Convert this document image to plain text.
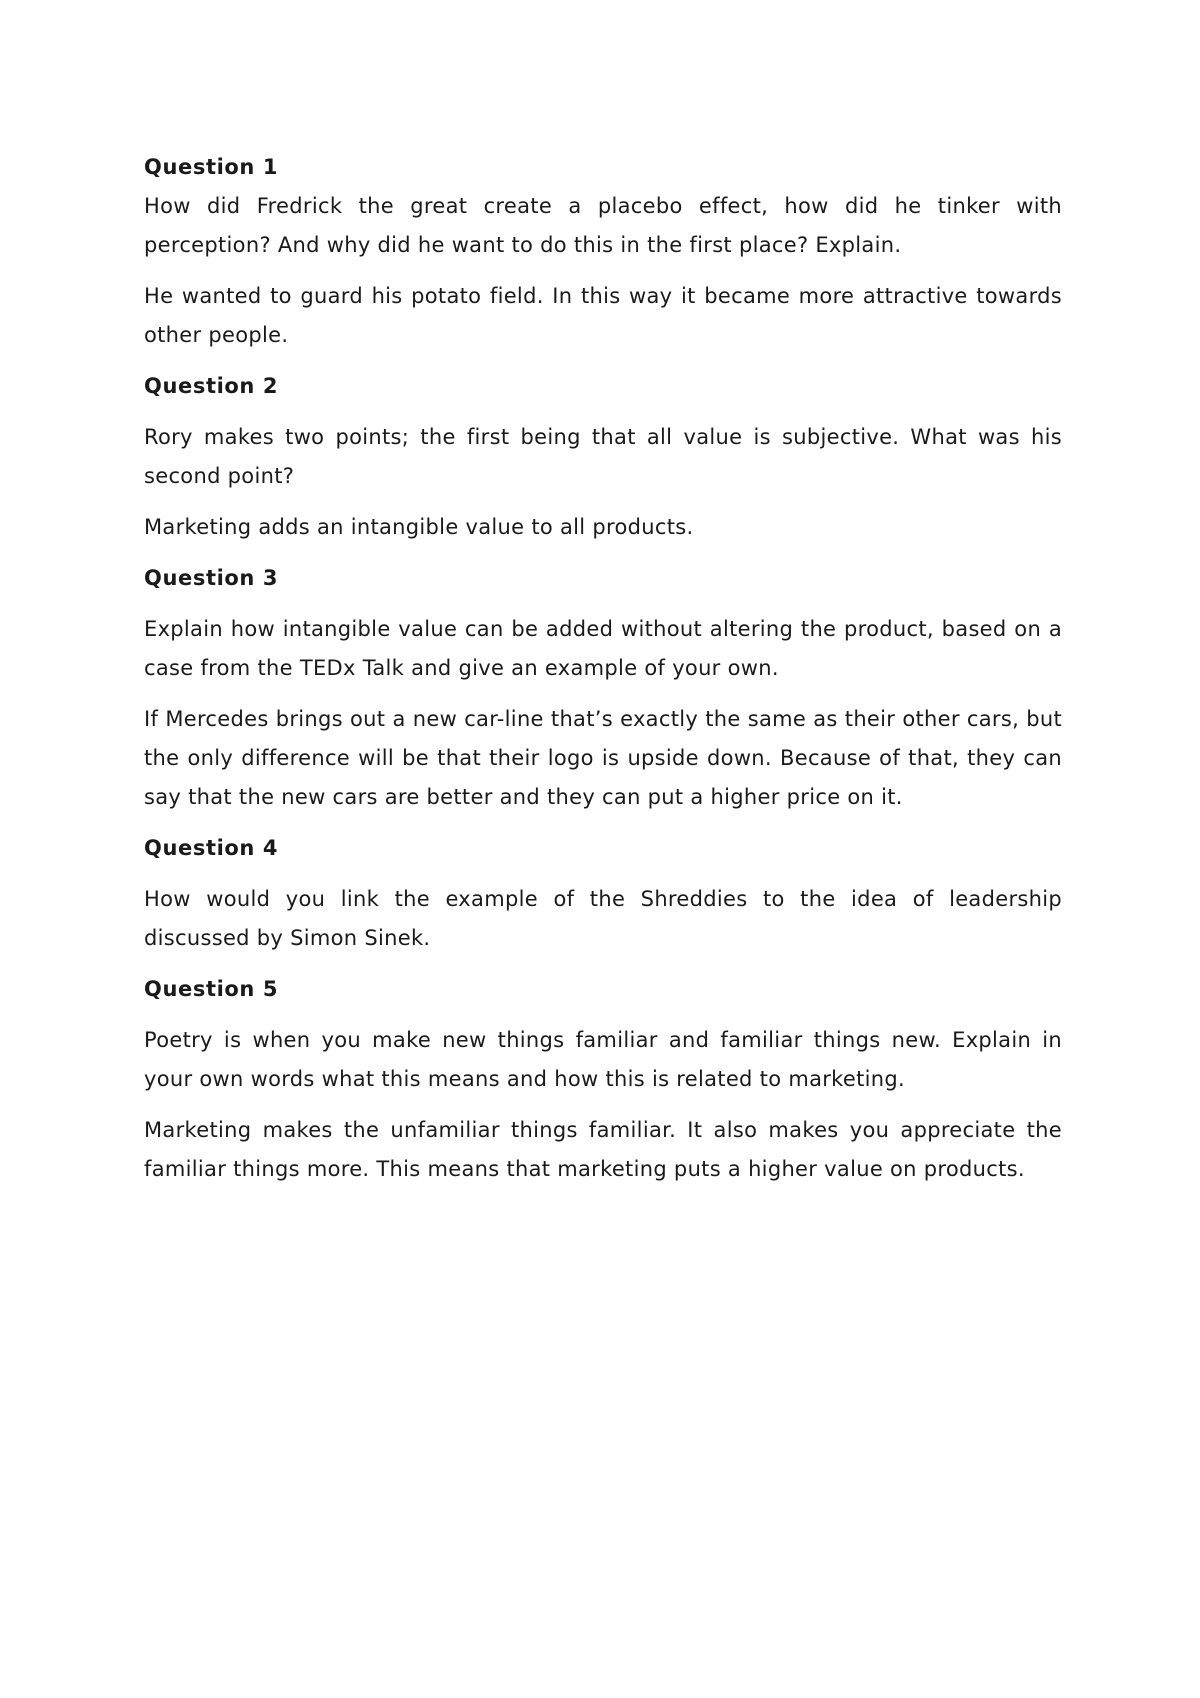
Question 1

How did Fredrick the great create a placebo effect, how did he tinker with perception? And why did he want to do this in the first place? Explain.

He wanted to guard his potato field. In this way it became more attractive towards other people.

Question 2

Rory makes two points; the first being that all value is subjective. What was his second point?

Marketing adds an intangible value to all products.

Question 3

Explain how intangible value can be added without altering the product, based on a case from the TEDx Talk and give an example of your own.

If Mercedes brings out a new car-line that’s exactly the same as their other cars, but the only difference will be that their logo is upside down. Because of that, they can say that the new cars are better and they can put a higher price on it.

Question 4

How would you link the example of the Shreddies to the idea of leadership discussed by Simon Sinek.

Question 5

Poetry is when you make new things familiar and familiar things new. Explain in your own words what this means and how this is related to marketing.

Marketing makes the unfamiliar things familiar. It also makes you appreciate the familiar things more. This means that marketing puts a higher value on products.
